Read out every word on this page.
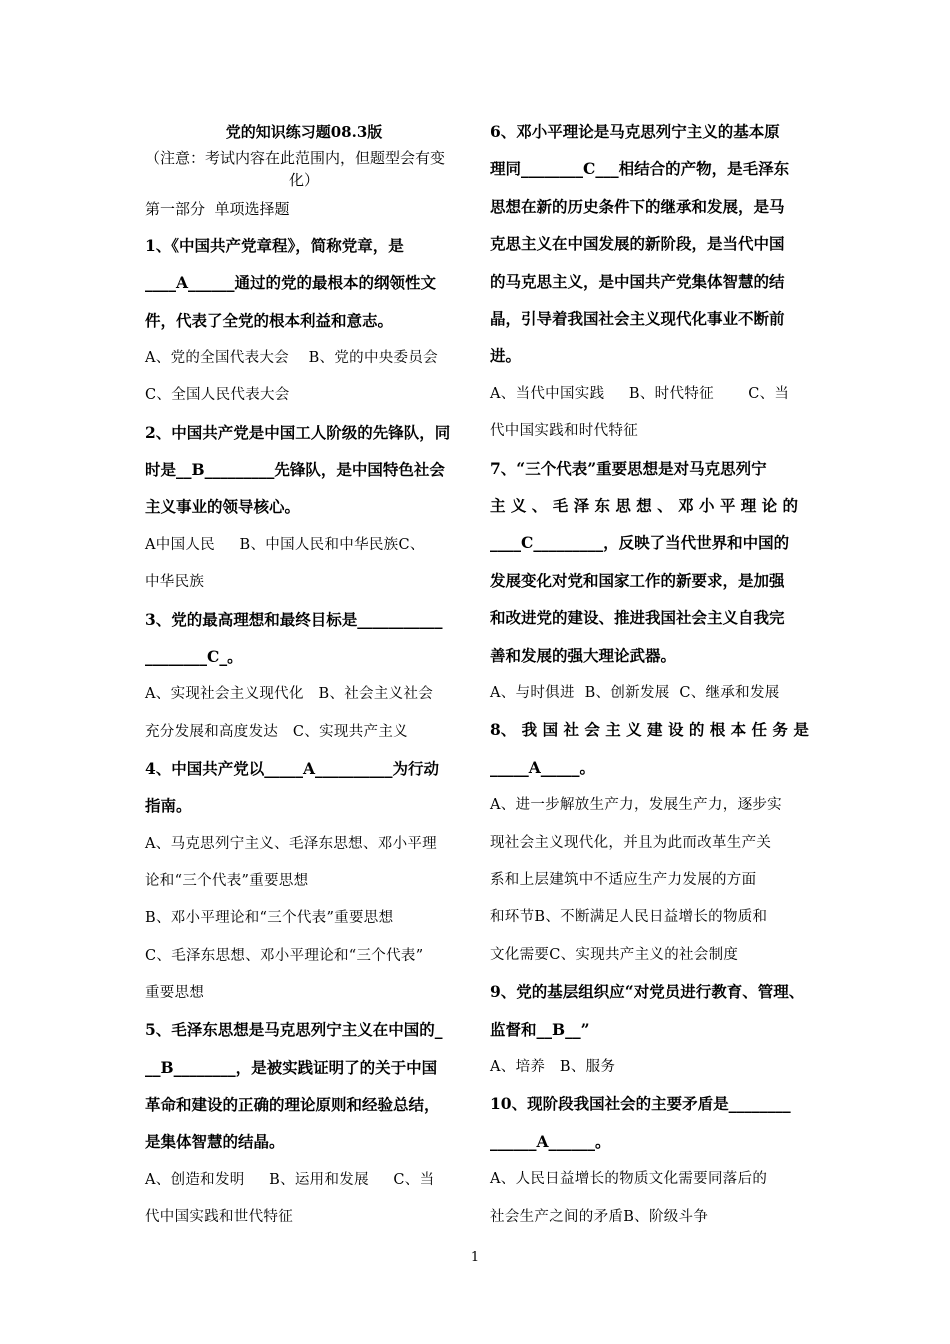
党的知识练习题08.3版
（注意：考试内容在此范围内，但题型会有变
化）
第一部分  单项选择题
1、《中国共产党章程》，简称党章，是
____A______通过的党的最根本的纲领性文
件，代表了全党的根本利益和意志。
A、党的全国代表大会    B、党的中央委员会
C、全国人民代表大会
2、中国共产党是中国工人阶级的先锋队，同
时是__B_________先锋队，是中国特色社会
主义事业的领导核心。
A中国人民     B、中国人民和中华民族C、
中华民族
3、党的最高理想和最终目标是___________
________C_。
A、实现社会主义现代化   B、社会主义社会
充分发展和高度发达   C、实现共产主义
4、中国共产党以_____A__________为行动
指南。
A、马克思列宁主义、毛泽东思想、邓小平理
论和“三个代表”重要思想
B、邓小平理论和“三个代表”重要思想
C、毛泽东思想、邓小平理论和“三个代表”
重要思想
5、毛泽东思想是马克思列宁主义在中国的_
__B________，是被实践证明了的关于中国
革命和建设的正确的理论原则和经验总结，
是集体智慧的结晶。
A、创造和发明     B、运用和发展     C、当
代中国实践和世代特征
6、邓小平理论是马克思列宁主义的基本原
理同________C___相结合的产物，是毛泽东
思想在新的历史条件下的继承和发展，是马
克思主义在中国发展的新阶段，是当代中国
的马克思主义，是中国共产党集体智慧的结
晶，引导着我国社会主义现代化事业不断前
进。
A、当代中国实践     B、时代特征       C、当
代中国实践和时代特征
7、“三个代表”重要思想是对马克思列宁
主 义 、 毛 泽 东 思 想 、 邓 小 平 理 论 的
____C_________，反映了当代世界和中国的
发展变化对党和国家工作的新要求，是加强
和改进党的建设、推进我国社会主义自我完
善和发展的强大理论武器。
A、与时俱进  B、创新发展  C、继承和发展
8、 我 国 社 会 主 义 建 设 的 根 本 任 务 是
_____A_____。
A、进一步解放生产力，发展生产力，逐步实
现社会主义现代化，并且为此而改革生产关
系和上层建筑中不适应生产力发展的方面
和环节B、不断满足人民日益增长的物质和
文化需要C、实现共产主义的社会制度
9、党的基层组织应“对党员进行教育、管理、
监督和__B__”
A、培养   B、服务
10、现阶段我国社会的主要矛盾是________
______A______。
A、人民日益增长的物质文化需要同落后的
社会生产之间的矛盾B、阶级斗争
1
